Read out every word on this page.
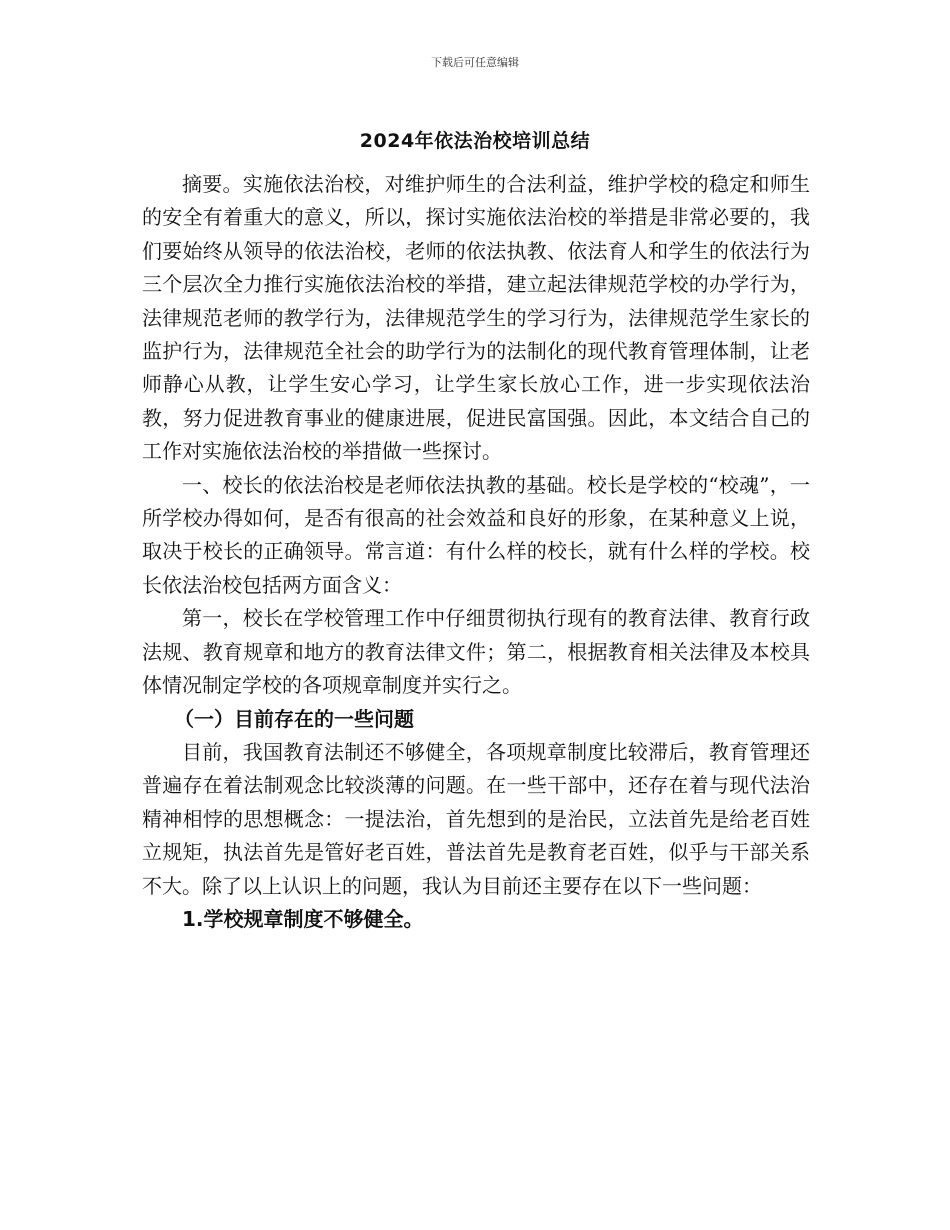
下载后可任意编辑
2024年依法治校培训总结

摘要。实施依法治校，对维护师生的合法利益，维护学校的稳定和师生的安全有着重大的意义，所以，探讨实施依法治校的举措是非常必要的，我们要始终从领导的依法治校，老师的依法执教、依法育人和学生的依法行为三个层次全力推行实施依法治校的举措，建立起法律规范学校的办学行为，法律规范老师的教学行为，法律规范学生的学习行为，法律规范学生家长的监护行为，法律规范全社会的助学行为的法制化的现代教育管理体制，让老师静心从教，让学生安心学习，让学生家长放心工作，进一步实现依法治教，努力促进教育事业的健康进展，促进民富国强。因此，本文结合自己的工作对实施依法治校的举措做一些探讨。

一、校长的依法治校是老师依法执教的基础。校长是学校的“校魂”，一所学校办得如何，是否有很高的社会效益和良好的形象，在某种意义上说，取决于校长的正确领导。常言道：有什么样的校长，就有什么样的学校。校长依法治校包括两方面含义：

第一，校长在学校管理工作中仔细贯彻执行现有的教育法律、教育行政法规、教育规章和地方的教育法律文件；第二，根据教育相关法律及本校具体情况制定学校的各项规章制度并实行之。

（一）目前存在的一些问题

目前，我国教育法制还不够健全，各项规章制度比较滞后，教育管理还普遍存在着法制观念比较淡薄的问题。在一些干部中，还存在着与现代法治精神相悖的思想概念：一提法治，首先想到的是治民，立法首先是给老百姓立规矩，执法首先是管好老百姓，普法首先是教育老百姓，似乎与干部关系不大。除了以上认识上的问题，我认为目前还主要存在以下一些问题：

1.学校规章制度不够健全。
